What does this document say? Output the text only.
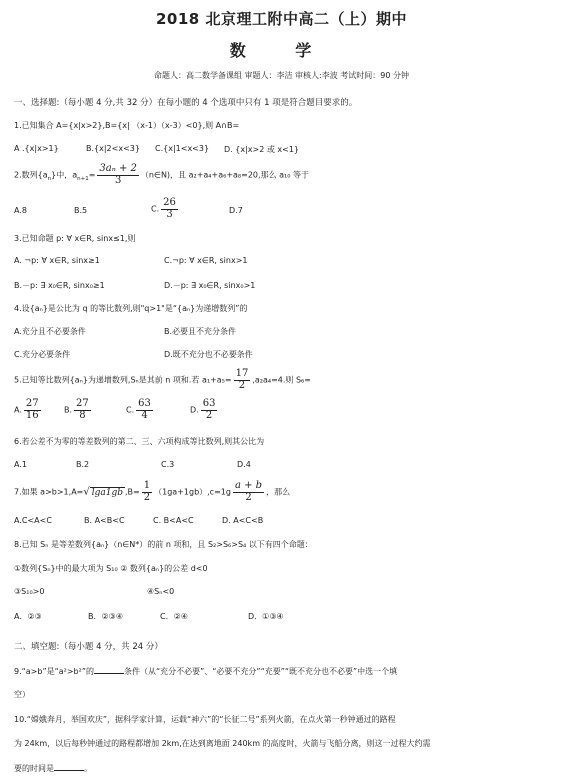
2018 北京理工附中高二（上）期中
数 学
命题人：高二数学备课组 审题人：李洁 审核人:李波 考试时间：90 分钟
一、选择题:（每小题 4 分,共 32 分）在每小题的 4 个选项中只有 1 项是符合题目要求的。
1.已知集合 A={x|x>2},B={x| （x-1）（x-3）<0},则 A∩B=
A .{x|x>1}	B.{x|2<x<3} C.{x|1<x<3} D. {x|x>2 或 x<1}
2.数列$\{a_n\}$中，$a_{n+1}= \frac{\text{3aₙ + 2}}{3}$ （n∈N)，且 a₂+a₄+a₆+a₈=20,那么 a₁₀ 等于
A.8	B.5	C. $\frac{26}{3}$	D.7
3.已知命题 p: ∀ x∈R, sinx≤1,则
A. ¬p: ∀ x∈R, sinx≥1	C.¬p: ∀ x∈R, sinx>1
B.－p: ∃ x₀∈R, sinx₀≥1	D.－p: ∃ x₀∈R, sinx₀>1
4.设{aₙ}是公比为 q 的等比数列,则"q>1"是“{aₙ}为递增数列”的
A.充分且不必要条件	B.必要且不充分条件
C.充分必要条件	D.既不充分也不必要条件
5.已知等比数列{aₙ}为递增数列,Sₙ是其前 n 项和.若 $a_1+a_5= \frac{17}{2} ,a_2a_4=4$.则 S₆=
A. $\frac{27}{16}$	B. $\frac{27}{8}$	C. $\frac{63}{4}$	D. $\frac{63}{2}$
6.若公差不为零的等差数列的第二、三、六项构成等比数列,则其公比为
A.1	B.2	C.3	D.4
7.如果 a>b>1,A=√ lga1gb $,B= \frac{1}{2} (1ga+1gb),c=1g \frac{a + b}{2}$ ，那么
A.C<A<C	B. A<B<C	C. B<A<C	D. A<C<B
8.已知 Sₙ 是等差数列{aₙ}（n∈N*）的前 n 项和，且 S₂>S₆>S₄ 以下有四个命题：
①数列{Sₙ}中的最大项为 S₁₀ ② 数列{aₙ}的公差 d<0
③S₁₀>0	④Sₙ<0
A．②③	B．②③④	C．②④	D．①③④
二、填空题:（每小题 4 分，共 24 分）
9.“a>b”是“a²>b²”的	条件（从“充分不必要”、“必要不充分”“充要”“既不充分也不必要”中选一个填
空）
10.“嫦娥奔月，举国欢庆”，据科学家计算，运载“神六”的“长征二号”系列火箭，在点火第一秒钟通过的路程
为 24km，以后每秒钟通过的路程都增加 2km,在达到离地面 240km 的高度时，火箭与飞船分离，则这一过程大约需
要的时间是	。
